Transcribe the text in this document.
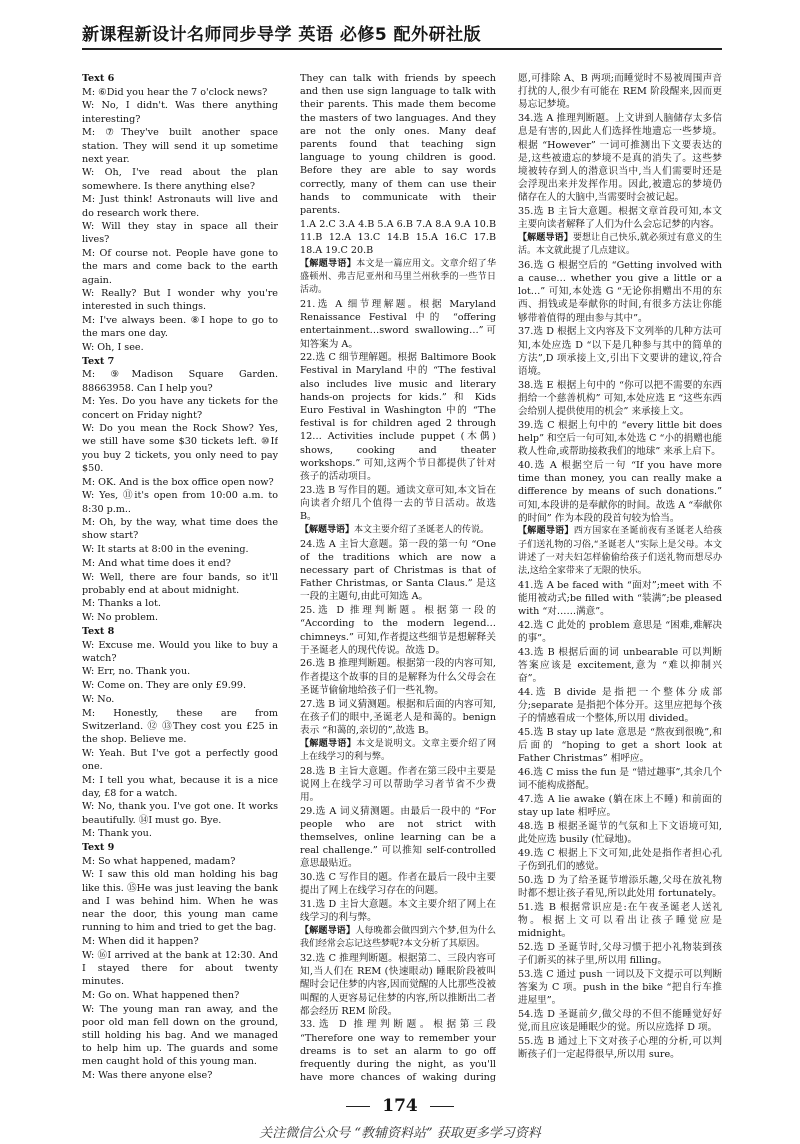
新课程新设计名师同步导学 英语 必修5 配外研社版

Text 6

M: ⑥Did you hear the 7 o'clock news?

W: No, I didn't. Was there anything interesting?

M: ⑦They've built another space station. They will send it up sometime next year.

W: Oh, I've read about the plan somewhere. Is there anything else?

M: Just think! Astronauts will live and do research work there.

W: Will they stay in space all their lives?

M: Of course not. People have gone to the mars and come back to the earth again.

W: Really? But I wonder why you're interested in such things.

M: I've always been. ⑧I hope to go to the mars one day.

W: Oh, I see.

Text 7

M: ⑨Madison Square Garden. 88663958. Can I help you?

M: Yes. Do you have any tickets for the concert on Friday night?

W: Do you mean the Rock Show? Yes, we still have some $30 tickets left. ⑩If you buy 2 tickets, you only need to pay $50.

M: OK. And is the box office open now?

W: Yes, ⑪it's open from 10:00 a.m. to 8:30 p.m..

M: Oh, by the way, what time does the show start?

W: It starts at 8:00 in the evening.

M: And what time does it end?

W: Well, there are four bands, so it'll probably end at about midnight.

M: Thanks a lot.

W: No problem.

Text 8

W: Excuse me. Would you like to buy a watch?

W: Err, no. Thank you.

W: Come on. They are only £9.99.

W: No.

M: Honestly, these are from Switzerland. ⑫ ⑬They cost you £25 in the shop. Believe me.

W: Yeah. But I've got a perfectly good one.

M: I tell you what, because it is a nice day, £8 for a watch.

W: No, thank you. I've got one. It works beautifully. ⑭I must go. Bye.

M: Thank you.

Text 9

M: So what happened, madam?

W: I saw this old man holding his bag like this. ⑮He was just leaving the bank and I was behind him. When he was near the door, this young man came running to him and tried to get the bag.

M: When did it happen?

W: ⑯I arrived at the bank at 12:30. And I stayed there for about twenty minutes.

M: Go on. What happened then?

W: The young man ran away, and the poor old man fell down on the ground, still holding his bag. And we managed to help him up. The guards and some men caught hold of this young man.

M: Was there anyone else?

They can talk with friends by speech and then use sign language to talk with their parents. This made them become the masters of two languages. And they are not the only ones. Many deaf parents found that teaching sign language to young children is good. Before they are able to say words correctly, many of them can use their hands to communicate with their parents.

1.A 2.C 3.A 4.B 5.A 6.B 7.A 8.A 9.A 10.B 11.B 12.A 13.C 14.B 15.A 16.C 17.B 18.A 19.C 20.B

【解题导语】本文是一篇应用文。文章介绍了华盛顿州、弗吉尼亚州和马里兰州秋季的一些节日活动。

21.选 A 细节理解题。根据 Maryland Renaissance Festival 中的 “offering entertainment…sword swallowing…”可知答案为 A。

22.选 C 细节理解题。根据 Baltimore Book Festival in Maryland 中的 “The festival also includes live music and literary hands-on projects for kids.” 和 Kids Euro Festival in Washington 中的 “The festival is for children aged 2 through 12… Activities include puppet (木偶) shows, cooking and theater workshops.” 可知,这两个节日都提供了针对孩子的活动项目。

23.选 B 写作目的题。通读文章可知,本文旨在向读者介绍几个值得一去的节日活动。故选 B。

【解题导语】本文主要介绍了圣诞老人的传说。

24.选 A 主旨大意题。第一段的第一句 “One of the traditions which are now a necessary part of Christmas is that of Father Christmas, or Santa Claus.” 是这一段的主题句,由此可知选 A。

25.选 D 推理判断题。根据第一段的 “According to the modern legend… chimneys.” 可知,作者提这些细节是想解释关于圣诞老人的现代传说。故选 D。

26.选 B 推理判断题。根据第一段的内容可知,作者提这个故事的目的是解释为什么父母会在圣诞节偷偷地给孩子们一些礼物。

27.选 B 词义猜测题。根据和后面的内容可知,在孩子们的眼中,圣诞老人是和蔼的。benign 表示 “和蔼的,亲切的”,故选 B。

【解题导语】本文是说明文。文章主要介绍了网上在线学习的利与弊。

28.选 B 主旨大意题。作者在第三段中主要是说网上在线学习可以帮助学习者节省不少费用。

29.选 A 词义猜测题。由最后一段中的 “For people who are not strict with themselves, online learning can be a real challenge.” 可以推知 self-controlled 意思最贴近。

30.选 C 写作目的题。作者在最后一段中主要提出了网上在线学习存在的问题。

31.选 D 主旨大意题。本文主要介绍了网上在线学习的利与弊。

【解题导语】人每晚都会做四到六个梦,但为什么我们经常会忘记这些梦呢?本文分析了其原因。

32.选 C 推理判断题。根据第二、三段内容可知,当人们在 REM (快速眼动) 睡眠阶段被叫醒时会记住梦的内容,因而觉醒的人比那些没被叫醒的人更容易记住梦的内容,所以推断出二者都会经历 REM 阶段。

33.选 D 推理判断题。根据第三段 “Therefore one way to remember your dreams is to set an alarm to go off frequently during the night, as you'll have more chances of waking during

愿,可排除 A、B 两项;而睡觉时不易被周围声音打扰的人,很少有可能在 REM 阶段醒来,因而更易忘记梦境。

34.选 A 推理判断题。上文讲到人脑储存太多信息是有害的,因此人们选择性地遗忘一些梦境。根据 “However” 一词可推测出下文要表达的是,这些被遗忘的梦境不是真的消失了。这些梦境被转存到人的潜意识当中,当人们需要时还是会浮现出来并发挥作用。因此,被遗忘的梦境仍储存在人的大脑中,当需要时会被记起。

35.选 B 主旨大意题。根据文章首段可知,本文主要向读者解释了人们为什么会忘记梦的内容。

【解题导语】要想让自己快乐,就必须过有意义的生活。本文就此提了几点建议。

36.选 G 根据空后的 “Getting involved with a cause… whether you give a little or a lot…” 可知,本处选 G “无论你捐赠出不用的东西、捐钱或是奉献你的时间,有很多方法让你能够带着值得的理由参与其中”。

37.选 D 根据上文内容及下文列举的几种方法可知,本处应选 D “以下是几种参与其中的简单的方法”,D 项承接上文,引出下文要讲的建议,符合语境。

38.选 E 根据上句中的 “你可以把不需要的东西捐给一个慈善机构” 可知,本处应选 E “这些东西会给别人提供使用的机会” 来承接上文。

39.选 C 根据上句中的 “every little bit does help” 和空后一句可知,本处选 C “小的捐赠也能救人性命,或帮助接救我们的地球” 来承上启下。

40.选 A 根据空后一句 “If you have more time than money, you can really make a difference by means of such donations.” 可知,本段讲的是奉献你的时间。故选 A “奉献你的时间” 作为本段的段首句较为恰当。

【解题导语】西方国家在圣诞前夜有圣诞老人给孩子们送礼物的习俗,“圣诞老人”实际上是父母。本文讲述了一对夫妇怎样偷偷给孩子们送礼物而想尽办法,这给全家带来了无限的快乐。

41.选 A be faced with “面对”;meet with 不能用被动式;be filled with “装满”;be pleased with “对……满意”。

42.选 C 此处的 problem 意思是 “困难,难解决的事”。

43.选 B 根据后面的词 unbearable 可以判断答案应该是 excitement,意为 “难以抑制兴奋”。

44.选 B divide 是指把一个整体分成部分;separate 是指把个体分开。这里应把每个孩子的情感看成一个整体,所以用 divided。

45.选 B stay up late 意思是 “熬夜到很晚”,和后面的 “hoping to get a short look at Father Christmas” 相呼应。

46.选 C miss the fun 是 “错过趣事”,其余几个词不能构成搭配。

47.选 A lie awake (躺在床上不睡) 和前面的 stay up late 相呼应。

48.选 B 根据圣诞节的气氛和上下文语境可知,此处应选 busily (忙碌地)。

49.选 C 根据上下文可知,此处是指作者担心孔子伤到孔们的感觉。

50.选 D 为了给圣诞节增添乐趣,父母在放礼物时都不想让孩子看见,所以此处用 fortunately。

51.选 B 根据常识应是:在午夜圣诞老人送礼物。根据上文可以看出让孩子睡觉应是 midnight。

52.选 D 圣诞节时,父母习惯于把小礼物装到孩子们新买的袜子里,所以用 filling。

53.选 C 通过 push 一词以及下文提示可以判断答案为 C 项。push in the bike “把自行车推进屋里”。

54.选 D 圣诞前夕,做父母的不但不能睡觉好好觉,而且应该是睡眠少的觉。所以应选择 D 项。

55.选 B 通过上下文对孩子心理的分析,可以判断孩子们一定起得很早,所以用 sure。

174
关注微信公众号 “教辅资料站” 获取更多学习资料
